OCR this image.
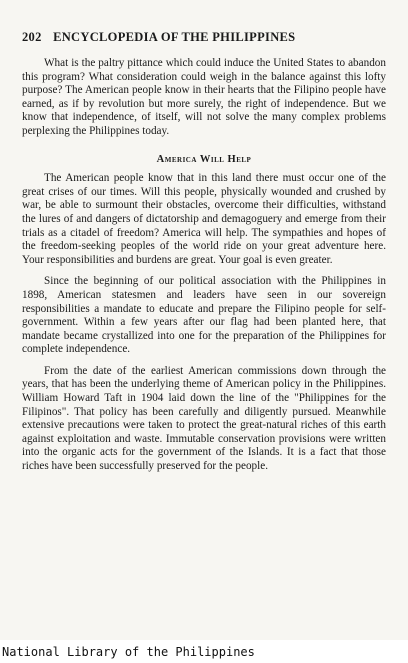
202 ENCYCLOPEDIA OF THE PHILIPPINES

What is the paltry pittance which could induce the United States to abandon this program? What consideration could weigh in the balance against this lofty purpose? The American people know in their hearts that the Filipino people have earned, as if by revolution but more surely, the right of independence. But we know that independence, of itself, will not solve the many complex problems perplexing the Philippines today.

America Will Help

The American people know that in this land there must occur one of the great crises of our times. Will this people, physically wounded and crushed by war, be able to surmount their obstacles, overcome their difficulties, withstand the lures of and dangers of dictatorship and demagoguery and emerge from their trials as a citadel of freedom? America will help. The sympathies and hopes of the freedom-seeking peoples of the world ride on your great adventure here. Your responsibilities and burdens are great. Your goal is even greater.

Since the beginning of our political association with the Philippines in 1898, American statesmen and leaders have seen in our sovereign responsibilities a mandate to educate and prepare the Filipino people for self-government. Within a few years after our flag had been planted here, that mandate became crystallized into one for the preparation of the Philippines for complete independence.

From the date of the earliest American commissions down through the years, that has been the underlying theme of American policy in the Philippines. William Howard Taft in 1904 laid down the line of the "Philippines for the Filipinos". That policy has been carefully and diligently pursued. Meanwhile extensive precautions were taken to protect the great-natural riches of this earth against exploitation and waste. Immutable conservation provisions were written into the organic acts for the government of the Islands. It is a fact that those riches have been successfully preserved for the people.

National Library of the Philippines
